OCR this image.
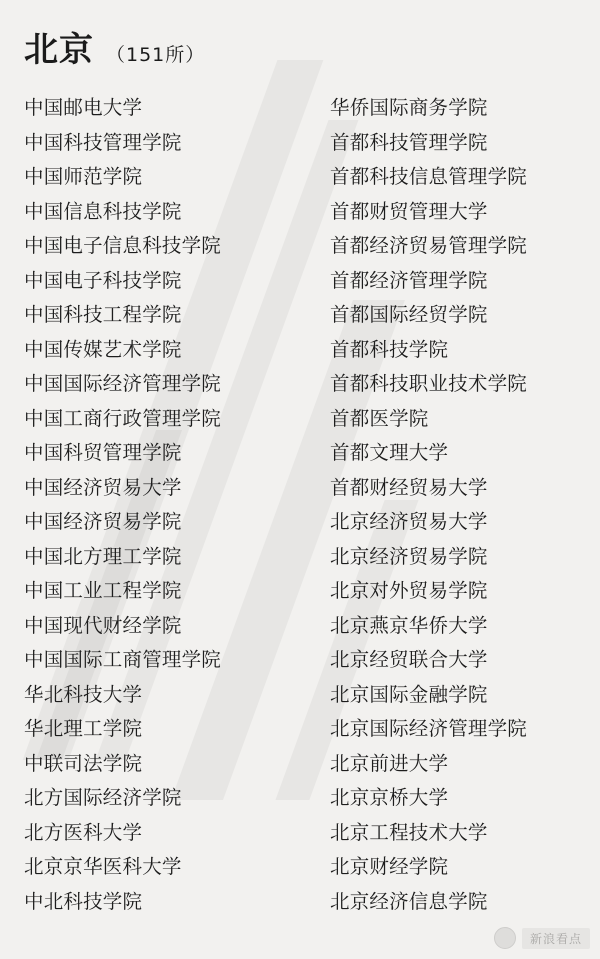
北京 （151所）
中国邮电大学
中国科技管理学院
中国师范学院
中国信息科技学院
中国电子信息科技学院
中国电子科技学院
中国科技工程学院
中国传媒艺术学院
中国国际经济管理学院
中国工商行政管理学院
中国科贸管理学院
中国经济贸易大学
中国经济贸易学院
中国北方理工学院
中国工业工程学院
中国现代财经学院
中国国际工商管理学院
华北科技大学
华北理工学院
中联司法学院
北方国际经济学院
北方医科大学
北京京华医科大学
中北科技学院
华侨国际商务学院
首都科技管理学院
首都科技信息管理学院
首都财贸管理大学
首都经济贸易管理学院
首都经济管理学院
首都国际经贸学院
首都科技学院
首都科技职业技术学院
首都医学院
首都文理大学
首都财经贸易大学
北京经济贸易大学
北京经济贸易学院
北京对外贸易学院
北京燕京华侨大学
北京经贸联合大学
北京国际金融学院
北京国际经济管理学院
北京前进大学
北京京桥大学
北京工程技术大学
北京财经学院
北京经济信息学院
新浪看点
